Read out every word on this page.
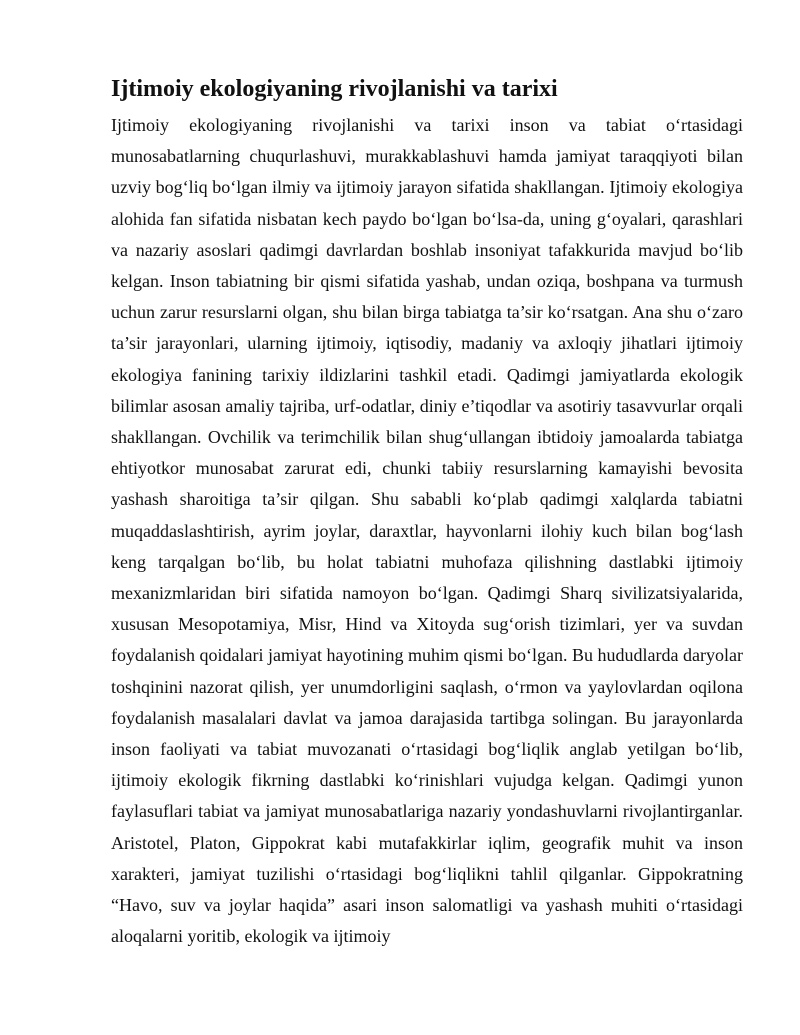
Ijtimoiy ekologiyaning rivojlanishi va tarixi

Ijtimoiy ekologiyaning rivojlanishi va tarixi inson va tabiat o‘rtasidagi munosabatlarning chuqurlashuvi, murakkablashuvi hamda jamiyat taraqqiyoti bilan uzviy bog‘liq bo‘lgan ilmiy va ijtimoiy jarayon sifatida shakllangan. Ijtimoiy ekologiya alohida fan sifatida nisbatan kech paydo bo‘lgan bo‘lsa-da, uning g‘oyalari, qarashlari va nazariy asoslari qadimgi davrlardan boshlab insoniyat tafakkurida mavjud bo‘lib kelgan. Inson tabiatning bir qismi sifatida yashab, undan oziqa, boshpana va turmush uchun zarur resurslarni olgan, shu bilan birga tabiatga ta’sir ko‘rsatgan. Ana shu o‘zaro ta’sir jarayonlari, ularning ijtimoiy, iqtisodiy, madaniy va axloqiy jihatlari ijtimoiy ekologiya fanining tarixiy ildizlarini tashkil etadi. Qadimgi jamiyatlarda ekologik bilimlar asosan amaliy tajriba, urf-odatlar, diniy e’tiqodlar va asotiriy tasavvurlar orqali shakllangan. Ovchilik va terimchilik bilan shug‘ullangan ibtidoiy jamoalarda tabiatga ehtiyotkor munosabat zarurat edi, chunki tabiiy resurslarning kamayishi bevosita yashash sharoitiga ta’sir qilgan. Shu sababli ko‘plab qadimgi xalqlarda tabiatni muqaddaslashtirish, ayrim joylar, daraxtlar, hayvonlarni ilohiy kuch bilan bog‘lash keng tarqalgan bo‘lib, bu holat tabiatni muhofaza qilishning dastlabki ijtimoiy mexanizmlaridan biri sifatida namoyon bo‘lgan. Qadimgi Sharq sivilizatsiyalarida, xususan Mesopotamiya, Misr, Hind va Xitoyda sug‘orish tizimlari, yer va suvdan foydalanish qoidalari jamiyat hayotining muhim qismi bo‘lgan. Bu hududlarda daryolar toshqinini nazorat qilish, yer unumdorligini saqlash, o‘rmon va yaylovlardan oqilona foydalanish masalalari davlat va jamoa darajasida tartibga solingan. Bu jarayonlarda inson faoliyati va tabiat muvozanati o‘rtasidagi bog‘liqlik anglab yetilgan bo‘lib, ijtimoiy ekologik fikrning dastlabki ko‘rinishlari vujudga kelgan. Qadimgi yunon faylasuflari tabiat va jamiyat munosabatlariga nazariy yondashuvlarni rivojlantirganlar. Aristotel, Platon, Gippokrat kabi mutafakkirlar iqlim, geografik muhit va inson xarakteri, jamiyat tuzilishi o‘rtasidagi bog‘liqlikni tahlil qilganlar. Gippokratning “Havo, suv va joylar haqida” asari inson salomatligi va yashash muhiti o‘rtasidagi aloqalarni yoritib, ekologik va ijtimoiy
